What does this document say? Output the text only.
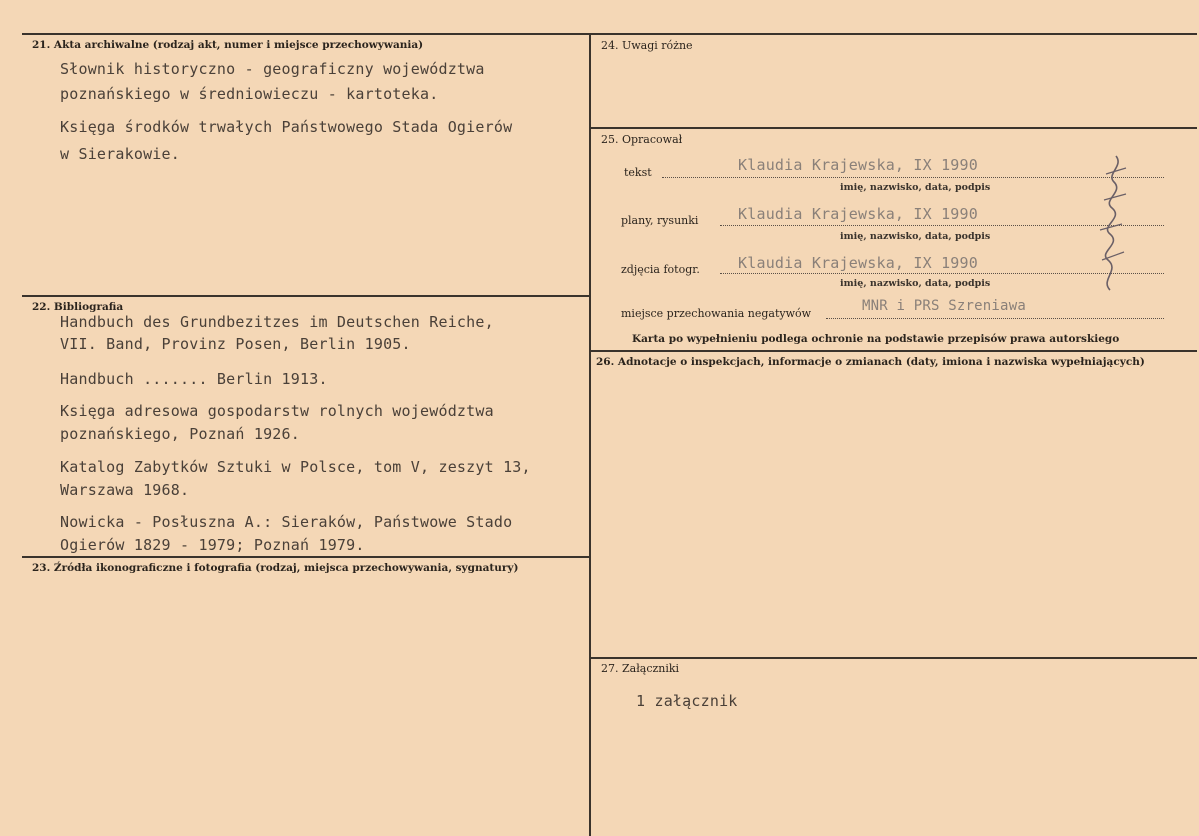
21. Akta archiwalne (rodzaj akt, numer i miejsce przechowywania)
Słownik historyczno - geograficzny województwa
poznańskiego w średniowieczu - kartoteka.
Księga środków trwałych Państwowego Stada Ogierów
w Sierakowie.
22. Bibliografia
Handbuch des Grundbezitzes im Deutschen Reiche,
VII. Band, Provinz Posen, Berlin 1905.
Handbuch ....... Berlin 1913.
Księga adresowa gospodarstw rolnych województwa
poznańskiego, Poznań 1926.
Katalog Zabytków Sztuki w Polsce, tom V, zeszyt 13,
Warszawa 1968.
Nowicka - Posłuszna A.: Sieraków, Państwowe Stado
Ogierów 1829 - 1979; Poznań 1979.
23. Źródła ikonograficzne i fotografia (rodzaj, miejsca przechowywania, sygnatury)
24. Uwagi różne
25. Opracował
tekst	Klaudia Krajewska, IX 1990
imię, nazwisko, data, podpis
plany, rysunki	Klaudia Krajewska, IX 1990
imię, nazwisko, data, podpis
zdjęcia fotogr.	Klaudia Krajewska, IX 1990
imię, nazwisko, data, podpis
miejsce przechowania negatywów	MNR i PRS Szreniawa
Karta po wypełnieniu podlega ochronie na podstawie przepisów prawa autorskiego
26. Adnotacje o inspekcjach, informacje o zmianach (daty, imiona i nazwiska wypełniających)
27. Załączniki
1 załącznik
